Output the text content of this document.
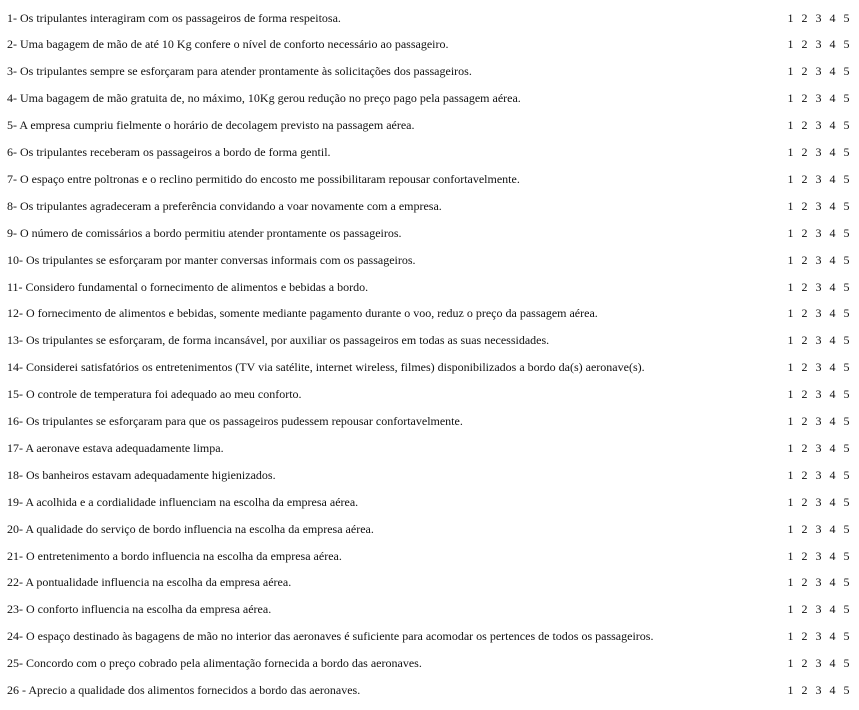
1- Os tripulantes interagiram com os passageiros de forma respeitosa.	1 2 3 4 5
2- Uma bagagem de mão de até 10 Kg confere o nível de conforto necessário ao passageiro.	1 2 3 4 5
3- Os tripulantes sempre se esforçaram para atender prontamente às solicitações dos passageiros.	1 2 3 4 5
4- Uma bagagem de mão gratuita de, no máximo, 10Kg gerou redução no preço pago pela passagem aérea.	1 2 3 4 5
5- A empresa cumpriu fielmente o horário de decolagem previsto na passagem aérea.	1 2 3 4 5
6- Os tripulantes receberam os passageiros a bordo de forma gentil.	1 2 3 4 5
7- O espaço entre poltronas e o reclino permitido do encosto me possibilitaram repousar confortavelmente.	1 2 3 4 5
8- Os tripulantes agradeceram a preferência convidando a voar novamente com a empresa.	1 2 3 4 5
9- O número de comissários a bordo permitiu atender prontamente os passageiros.	1 2 3 4 5
10- Os tripulantes se esforçaram por manter conversas informais com os passageiros.	1 2 3 4 5
11- Considero fundamental o fornecimento de alimentos e bebidas a bordo.	1 2 3 4 5
12- O fornecimento de alimentos e bebidas, somente mediante pagamento durante o voo, reduz o preço da passagem aérea.	1 2 3 4 5
13- Os tripulantes se esforçaram, de forma incansável, por auxiliar os passageiros em todas as suas necessidades.	1 2 3 4 5
14- Considerei satisfatórios os entretenimentos (TV via satélite, internet wireless, filmes) disponibilizados a bordo da(s) aeronave(s).	1 2 3 4 5
15- O controle de temperatura foi adequado ao meu conforto.	1 2 3 4 5
16- Os tripulantes se esforçaram para que os passageiros pudessem repousar confortavelmente.	1 2 3 4 5
17- A aeronave estava adequadamente limpa.	1 2 3 4 5
18- Os banheiros estavam adequadamente higienizados.	1 2 3 4 5
19- A acolhida e a cordialidade influenciam na escolha da empresa aérea.	1 2 3 4 5
20- A qualidade do serviço de bordo influencia na escolha da empresa aérea.	1 2 3 4 5
21- O entretenimento a bordo influencia na escolha da empresa aérea.	1 2 3 4 5
22- A pontualidade influencia na escolha da empresa aérea.	1 2 3 4 5
23- O conforto influencia na escolha da empresa aérea.	1 2 3 4 5
24- O espaço destinado às bagagens de mão no interior das aeronaves é suficiente para acomodar os pertences de todos os passageiros.	1 2 3 4 5
25- Concordo com o preço cobrado pela alimentação fornecida a bordo das aeronaves.	1 2 3 4 5
26 - Aprecio a qualidade dos alimentos fornecidos a bordo das aeronaves.	1 2 3 4 5
